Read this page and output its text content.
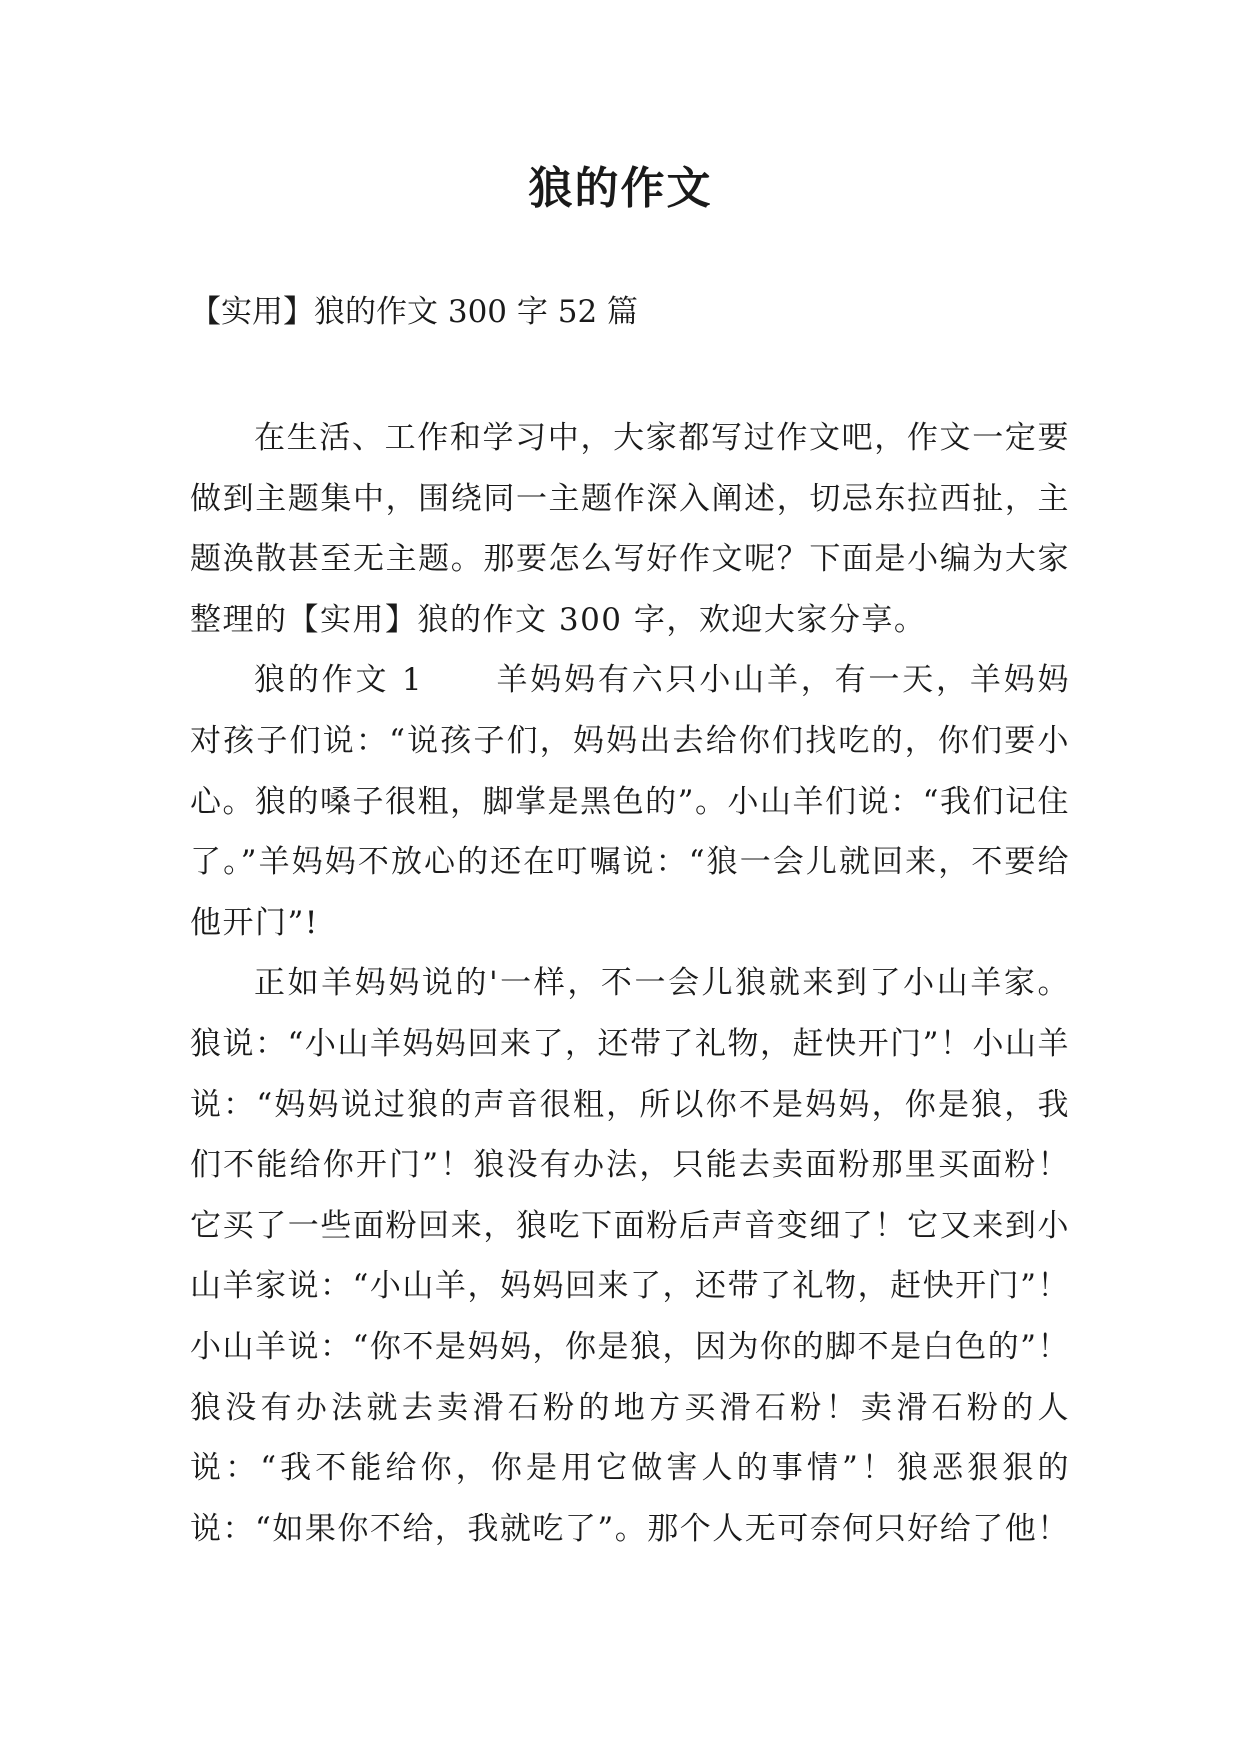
狼的作文
【实用】狼的作文 300 字 52 篇

在生活、工作和学习中，大家都写过作文吧，作文一定要做到主题集中，围绕同一主题作深入阐述，切忌东拉西扯，主题涣散甚至无主题。那要怎么写好作文呢？下面是小编为大家整理的【实用】狼的作文 300 字，欢迎大家分享。

狼的作文 1 羊妈妈有六只小山羊，有一天，羊妈妈对孩子们说：“说孩子们，妈妈出去给你们找吃的，你们要小心。狼的嗓子很粗，脚掌是黑色的”。小山羊们说：“我们记住了。”羊妈妈不放心的还在叮嘱说：“狼一会儿就回来，不要给他开门”!

正如羊妈妈说的'一样，不一会儿狼就来到了小山羊家。狼说：“小山羊妈妈回来了，还带了礼物，赶快开门”！小山羊说：“妈妈说过狼的声音很粗，所以你不是妈妈，你是狼，我们不能给你开门”！狼没有办法，只能去卖面粉那里买面粉！它买了一些面粉回来，狼吃下面粉后声音变细了！它又来到小山羊家说：“小山羊，妈妈回来了，还带了礼物，赶快开门”！小山羊说：“你不是妈妈，你是狼，因为你的脚不是白色的”！狼没有办法就去卖滑石粉的地方买滑石粉！卖滑石粉的人说：“我不能给你，你是用它做害人的事情”！狼恶狠狠的说：“如果你不给，我就吃了”。那个人无可奈何只好给了他！
